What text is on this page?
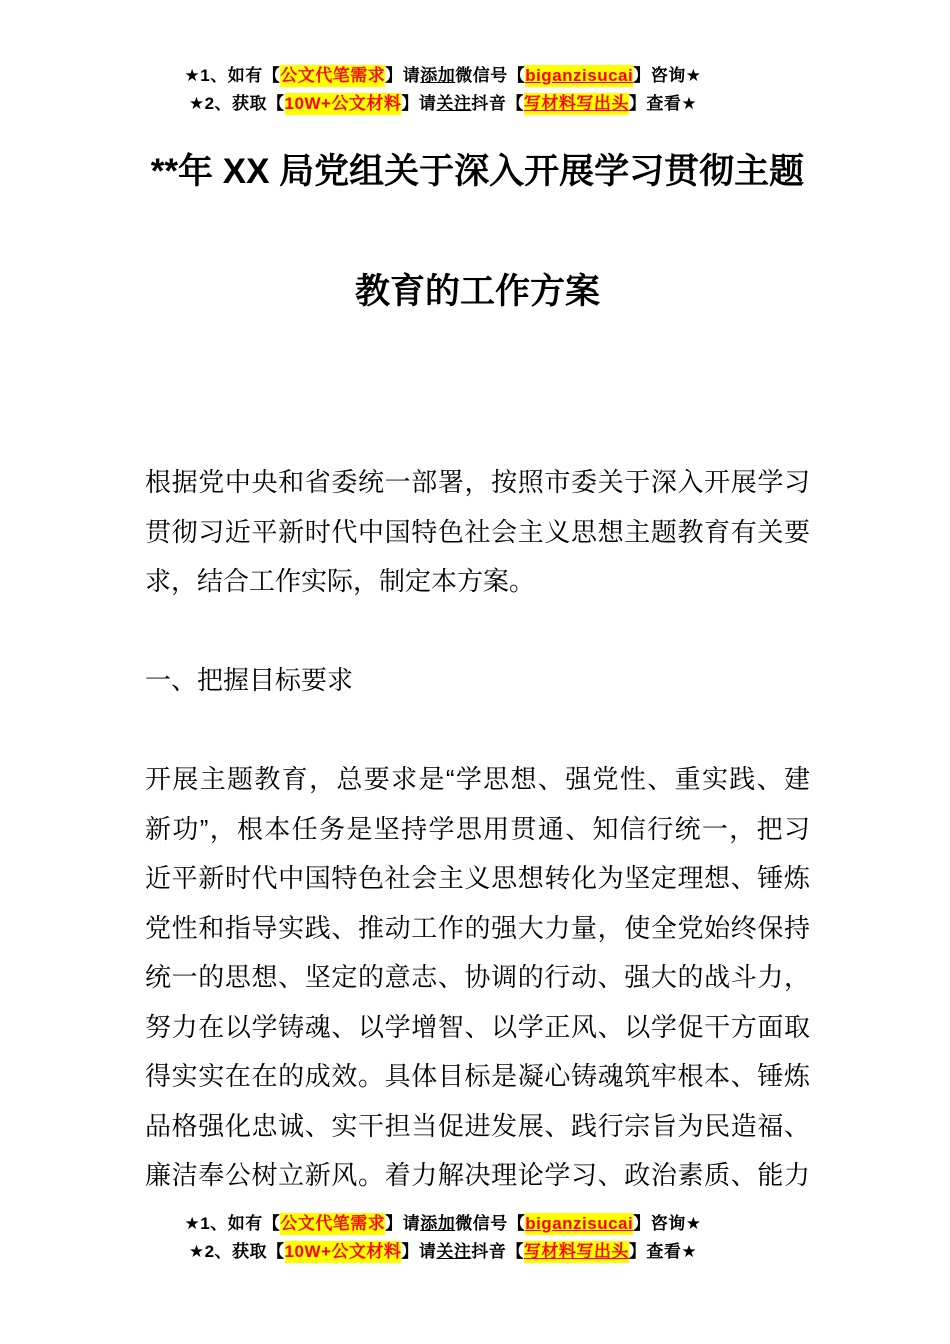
★1、如有【公文代笔需求】请添加微信号【biganzisucai】咨询★
★2、获取【10W+公文材料】请关注抖音【写材料写出头】查看★
**年 XX 局党组关于深入开展学习贯彻主题
教育的工作方案
根据党中央和省委统一部署，按照市委关于深入开展学习
贯彻习近平新时代中国特色社会主义思想主题教育有关要
求，结合工作实际，制定本方案。
一、把握目标要求
开展主题教育，总要求是“学思想、强党性、重实践、建
新功”，根本任务是坚持学思用贯通、知信行统一，把习
近平新时代中国特色社会主义思想转化为坚定理想、锤炼
党性和指导实践、推动工作的强大力量，使全党始终保持
统一的思想、坚定的意志、协调的行动、强大的战斗力，
努力在以学铸魂、以学增智、以学正风、以学促干方面取
得实实在在的成效。具体目标是凝心铸魂筑牢根本、锤炼
品格强化忠诚、实干担当促进发展、践行宗旨为民造福、
廉洁奉公树立新风。着力解决理论学习、政治素质、能力
★1、如有【公文代笔需求】请添加微信号【biganzisucai】咨询★
★2、获取【10W+公文材料】请关注抖音【写材料写出头】查看★
